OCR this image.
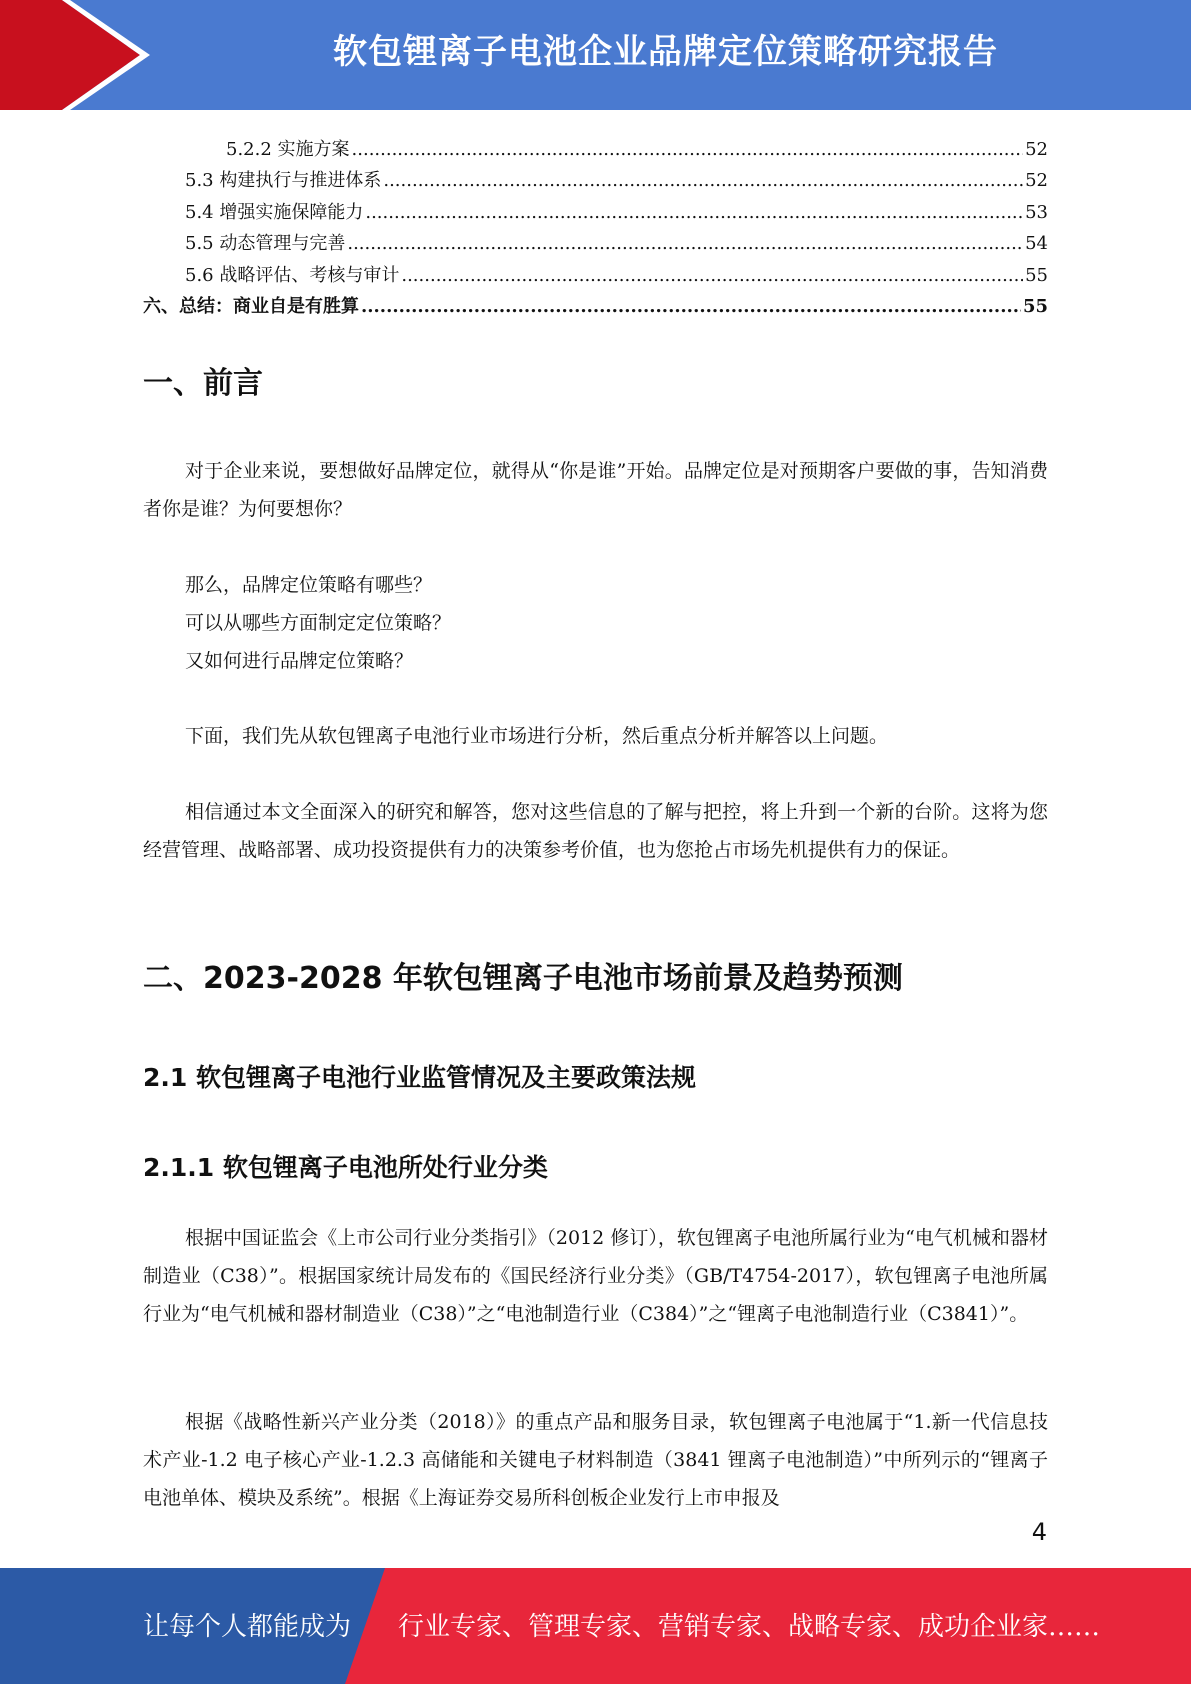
软包锂离子电池企业品牌定位策略研究报告
5.2.2 实施方案 .....	52
5.3 构建执行与推进体系 .....	52
5.4 增强实施保障能力 .....	53
5.5 动态管理与完善 .....	54
5.6 战略评估、考核与审计 .....	55
六、总结：商业自是有胜算 .....	55
一、前言

对于企业来说，要想做好品牌定位，就得从“你是谁”开始。品牌定位是对预期客户要做的事，告知消费者你是谁？为何要想你？

那么，品牌定位策略有哪些？
可以从哪些方面制定定位策略？
又如何进行品牌定位策略？

下面，我们先从软包锂离子电池行业市场进行分析，然后重点分析并解答以上问题。

相信通过本文全面深入的研究和解答，您对这些信息的了解与把控，将上升到一个新的台阶。这将为您经营管理、战略部署、成功投资提供有力的决策参考价值，也为您抢占市场先机提供有力的保证。

二、2023-2028 年软包锂离子电池市场前景及趋势预测
2.1 软包锂离子电池行业监管情况及主要政策法规
2.1.1 软包锂离子电池所处行业分类

根据中国证监会《上市公司行业分类指引》（2012 修订），软包锂离子电池所属行业为“电气机械和器材制造业（C38）”。根据国家统计局发布的《国民经济行业分类》（GB/T4754-2017），软包锂离子电池所属行业为“电气机械和器材制造业（C38）”之“电池制造行业（C384）”之“锂离子电池制造行业（C3841）”。

根据《战略性新兴产业分类（2018）》的重点产品和服务目录，软包锂离子电池属于“1.新一代信息技术产业-1.2 电子核心产业-1.2.3 高储能和关键电子材料制造（3841 锂离子电池制造）”中所列示的“锂离子电池单体、模块及系统”。根据《上海证券交易所科创板企业发行上市申报及

4
让每个人都能成为 行业专家、管理专家、营销专家、战略专家、成功企业家……
